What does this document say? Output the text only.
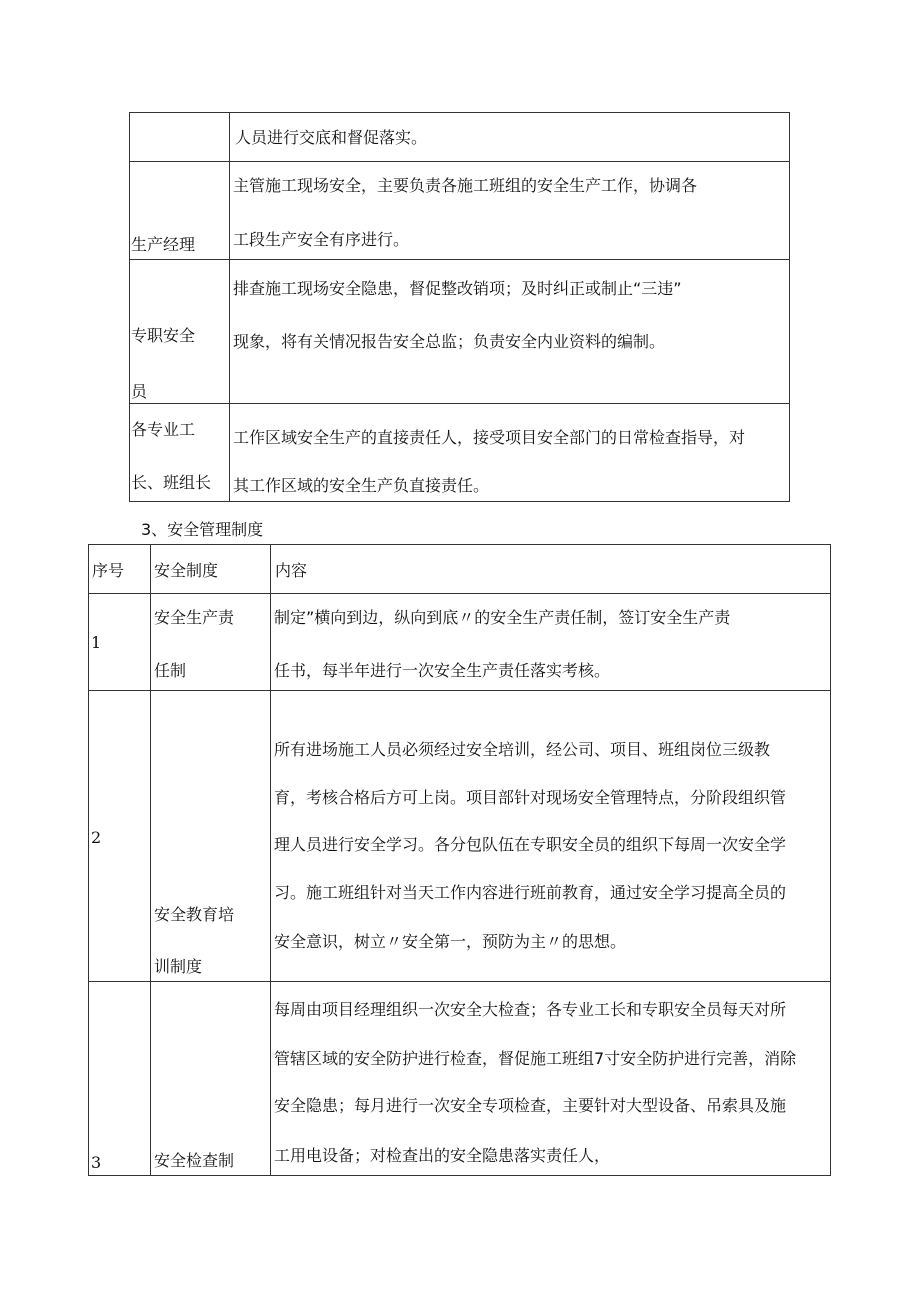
人员进行交底和督促落实。
生产经理
主管施工现场安全，主要负责各施工班组的安全生产工作，协调各
工段生产安全有序进行。
专职安全
员
排查施工现场安全隐患，督促整改销项；及时纠正或制止“三违”
现象，将有关情况报告安全总监；负责安全内业资料的编制。
各专业工
长、班组长
工作区域安全生产的直接责任人，接受项目安全部门的日常检查指导，对
其工作区域的安全生产负直接责任。
3、安全管理制度
序号 安全制度	内容
1
安全生产责
任制
制定”横向到边，纵向到底〃的安全生产责任制，签订安全生产责
任书，每半年进行一次安全生产责任落实考核。
2
安全教育培
训制度
所有进场施工人员必须经过安全培训，经公司、项目、班组岗位三级教
育，考核合格后方可上岗。项目部针对现场安全管理特点，分阶段组织管
理人员进行安全学习。各分包队伍在专职安全员的组织下每周一次安全学
习。施工班组针对当天工作内容进行班前教育，通过安全学习提高全员的
安全意识，树立〃安全第一，预防为主〃的思想。
3	安全检查制
每周由项目经理组织一次安全大检查；各专业工长和专职安全员每天对所
管辖区域的安全防护进行检查，督促施工班组7寸安全防护进行完善，消除
安全隐患；每月进行一次安全专项检查，主要针对大型设备、吊索具及施
工用电设备；对检查出的安全隐患落实责任人，
